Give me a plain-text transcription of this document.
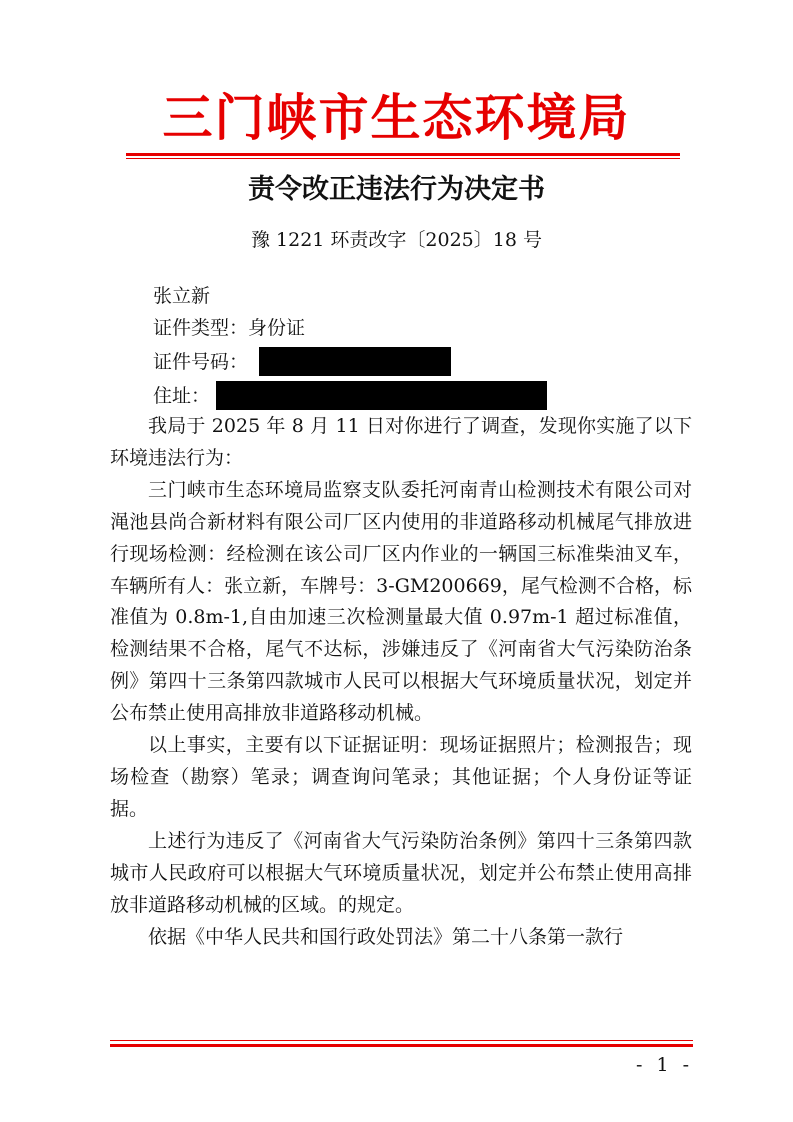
三门峡市生态环境局
责令改正违法行为决定书
豫 1221 环责改字〔2025〕18 号
张立新
证件类型：身份证
证件号码：
住址：

我局于 2025 年 8 月 11 日对你进行了调查，发现你实施了以下环境违法行为：

三门峡市生态环境局监察支队委托河南青山检测技术有限公司对渑池县尚合新材料有限公司厂区内使用的非道路移动机械尾气排放进行现场检测：经检测在该公司厂区内作业的一辆国三标准柴油叉车，车辆所有人：张立新，车牌号：3-GM200669，尾气检测不合格，标准值为 0.8m-1,自由加速三次检测量最大值 0.97m-1 超过标准值，检测结果不合格，尾气不达标，涉嫌违反了《河南省大气污染防治条例》第四十三条第四款城市人民可以根据大气环境质量状况，划定并公布禁止使用高排放非道路移动机械。

以上事实，主要有以下证据证明：现场证据照片；检测报告；现场检查（勘察）笔录；调查询问笔录；其他证据；个人身份证等证据。

上述行为违反了《河南省大气污染防治条例》第四十三条第四款 城市人民政府可以根据大气环境质量状况，划定并公布禁止使用高排放非道路移动机械的区域。的规定。

依据《中华人民共和国行政处罚法》第二十八条第一款行

- 1 -
